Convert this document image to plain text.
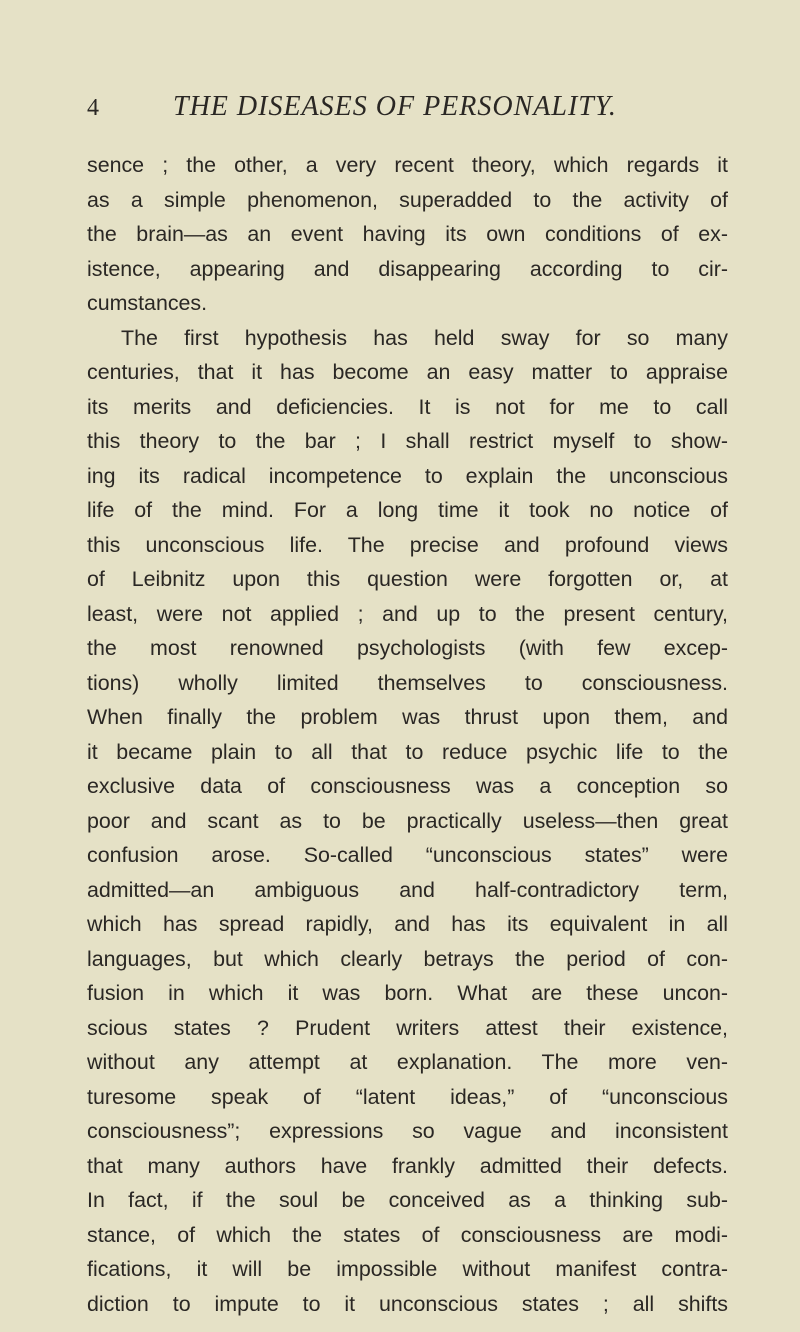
4	THE DISEASES OF PERSONALITY.
sence ; the other, a very recent theory, which regards it
as a simple phenomenon, superadded to the activity of
the brain—as an event having its own conditions of ex-
istence, appearing and disappearing according to cir-
cumstances.
The first hypothesis has held sway for so many
centuries, that it has become an easy matter to appraise
its merits and deficiencies. It is not for me to call
this theory to the bar ; I shall restrict myself to show-
ing its radical incompetence to explain the unconscious
life of the mind. For a long time it took no notice of
this unconscious life. The precise and profound views
of Leibnitz upon this question were forgotten or, at
least, were not applied ; and up to the present century,
the most renowned psychologists (with few excep-
tions) wholly limited themselves to consciousness.
When finally the problem was thrust upon them, and
it became plain to all that to reduce psychic life to the
exclusive data of consciousness was a conception so
poor and scant as to be practically useless—then great
confusion arose. So-called “unconscious states” were
admitted—an ambiguous and half-contradictory term,
which has spread rapidly, and has its equivalent in all
languages, but which clearly betrays the period of con-
fusion in which it was born. What are these uncon-
scious states ? Prudent writers attest their existence,
without any attempt at explanation. The more ven-
turesome speak of “latent ideas,” of “unconscious
consciousness”; expressions so vague and inconsistent
that many authors have frankly admitted their defects.
In fact, if the soul be conceived as a thinking sub-
stance, of which the states of consciousness are modi-
fications, it will be impossible without manifest contra-
diction to impute to it unconscious states ; all shifts
